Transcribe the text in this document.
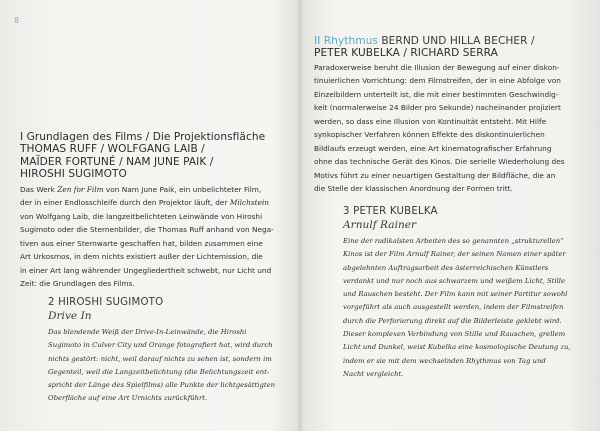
8
I Grundlagen des Films / Die Projektionsfläche
THOMAS RUFF / WOLFGANG LAIB /
MAÏDER FORTUNÉ / NAM JUNE PAIK /
HIROSHI SUGIMOTO
Das Werk Zen for Film von Nam June Paik, ein unbelichteter Film,
der in einer Endlosschleife durch den Projektor läuft, der Milchstein
von Wolfgang Laib, die langzeitbelichteten Leinwände von Hiroshi
Sugimoto oder die Sternenbilder, die Thomas Ruff anhand von Nega-
tiven aus einer Sternwarte geschaffen hat, bilden zusammen eine
Art Urkosmos, in dem nichts existiert außer der Lichtemission, die
in einer Art lang währender Ungegliedertheit schwebt, nur Licht und
Zeit: die Grundlagen des Films.
2 HIROSHI SUGIMOTO
Drive In
Das blendende Weiß der Drive-In-Leinwände, die Hiroshi
Sugimoto in Culver City und Orange fotografiert hat, wird durch
nichts gestört: nicht, weil darauf nichts zu sehen ist, sondern im
Gegenteil, weil die Langzeitbelichtung (die Belichtungszeit ent-
spricht der Länge des Spielfilms) alle Punkte der lichtgesättigten
Oberfläche auf eine Art Urnichts zurückführt.
II Rhythmus BERND UND HILLA BECHER /
PETER KUBELKA / RICHARD SERRA
Paradoxerweise beruht die Illusion der Bewegung auf einer diskon-
tinuierlichen Vorrichtung: dem Filmstreifen, der in eine Abfolge von
Einzelbildern unterteilt ist, die mit einer bestimmten Geschwindig-
keit (normalerweise 24 Bilder pro Sekunde) nacheinander projiziert
werden, so dass eine Illusion von Kontinuität entsteht. Mit Hilfe
synkopischer Verfahren können Effekte des diskontinuierlichen
Bildlaufs erzeugt werden, eine Art kinematografischer Erfahrung
ohne das technische Gerät des Kinos. Die serielle Wiederholung des
Motivs führt zu einer neuartigen Gestaltung der Bildfläche, die an
die Stelle der klassischen Anordnung der Formen tritt.
3 PETER KUBELKA
Arnulf Rainer
Eine der radikalsten Arbeiten des so genannten „strukturellen“
Kinos ist der Film Arnulf Rainer, der seinen Namen einer später
abgelehnten Auftragsarbeit des österreichischen Künstlers
verdankt und nur noch aus schwarzem und weißem Licht, Stille
und Rauschen besteht. Der Film kann mit seiner Partitur sowohl
vorgeführt als auch ausgestellt werden, indem der Filmstreifen
durch die Perforierung direkt auf die Bilderleiste geklebt wird.
Dieser komplexen Verbindung von Stille und Rauschen, grellem
Licht und Dunkel, weist Kubelka eine kosmologische Deutung zu,
indem er sie mit dem wechselnden Rhythmus von Tag und
Nacht vergleicht.
